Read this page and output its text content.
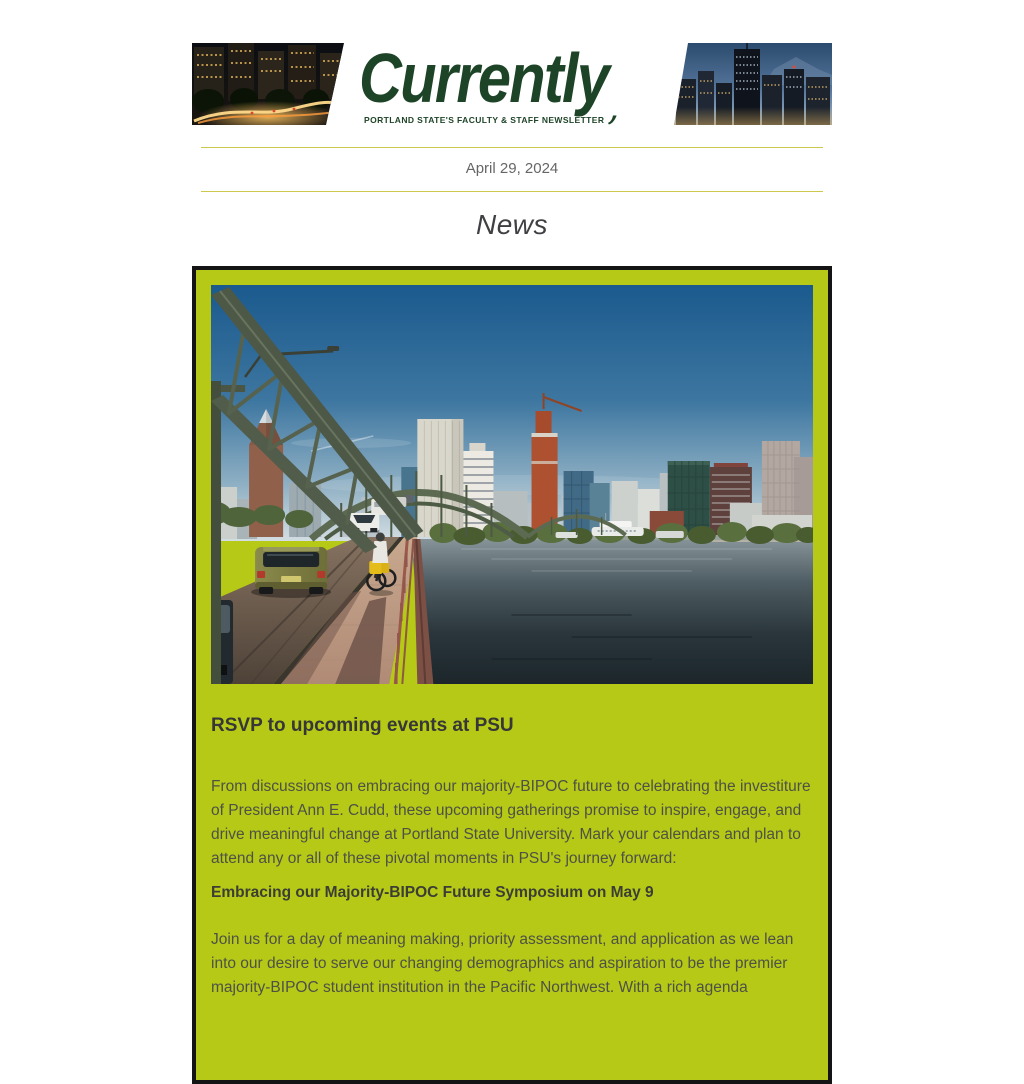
Currently
PORTLAND STATE'S FACULTY & STAFF NEWSLETTER
April 29, 2024
News
RSVP to upcoming events at PSU

From discussions on embracing our majority-BIPOC future to celebrating the investiture of President Ann E. Cudd, these upcoming gatherings promise to inspire, engage, and drive meaningful change at Portland State University. Mark your calendars and plan to attend any or all of these pivotal moments in PSU's journey forward:

Embracing our Majority-BIPOC Future Symposium on May 9

Join us for a day of meaning making, priority assessment, and application as we lean into our desire to serve our changing demographics and aspiration to be the premier majority-BIPOC student institution in the Pacific Northwest. With a rich agenda
